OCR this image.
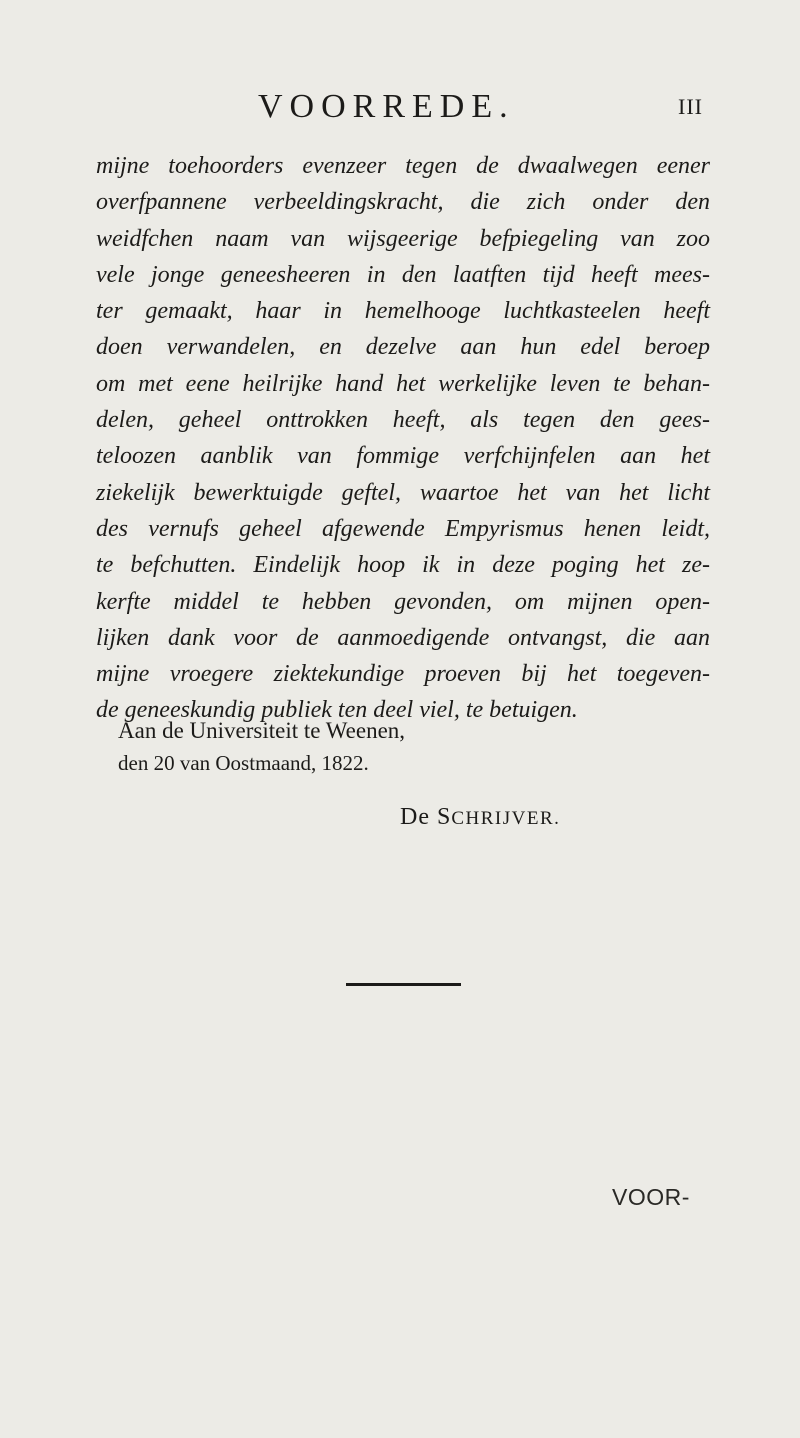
VOORREDE.	III
mijne toehoorders evenzeer tegen de dwaalwegen eener
overfpannene verbeeldingskracht, die zich onder den
weidfchen naam van wijsgeerige befpiegeling van zoo
vele jonge geneesheeren in den laatften tijd heeft mees-
ter gemaakt, haar in hemelhooge luchtkasteelen heeft
doen verwandelen, en dezelve aan hun edel beroep
om met eene heilrijke hand het werkelijke leven te behan-
delen, geheel onttrokken heeft, als tegen den gees-
teloozen aanblik van fommige verfchijnfelen aan het
ziekelijk bewerktuigde geftel, waartoe het van het licht
des vernufs geheel afgewende Empyrismus henen leidt,
te befchutten. Eindelijk hoop ik in deze poging het ze-
kerfte middel te hebben gevonden, om mijnen open-
lijken dank voor de aanmoedigende ontvangst, die aan
mijne vroegere ziektekundige proeven bij het toegeven-
de geneeskundig publiek ten deel viel, te betuigen.
Aan de Universiteit te Weenen,
den 20 van Oostmaand, 1822.
De SCHRIJVER.
VOOR-
